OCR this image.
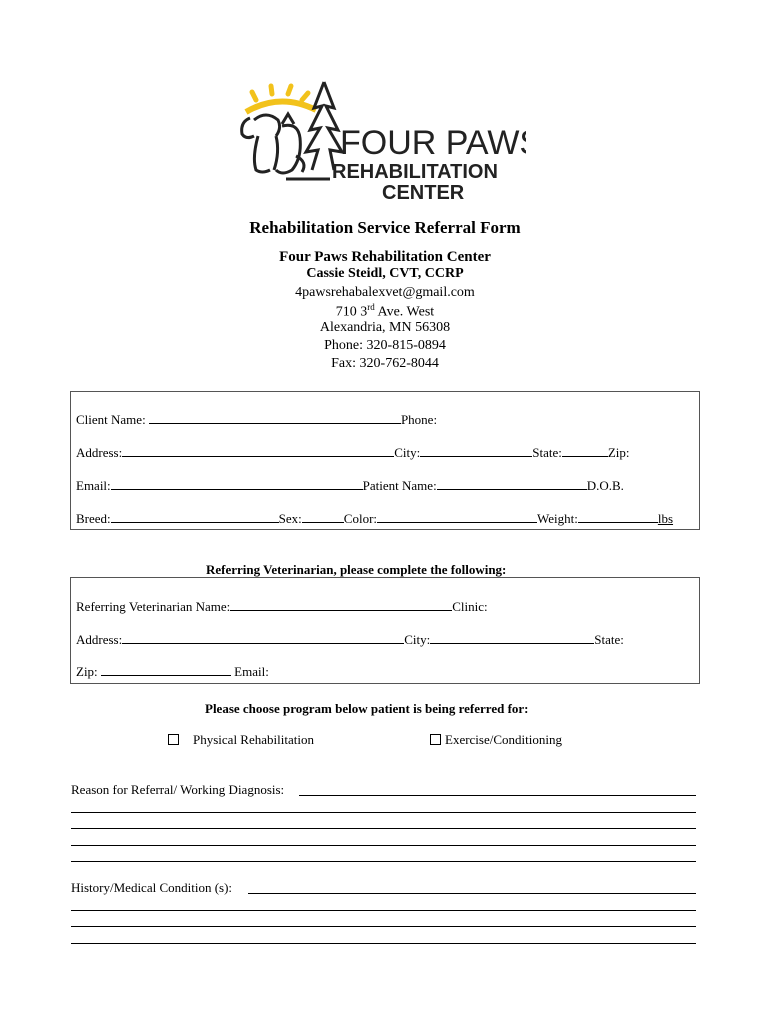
FOUR PAWS
REHABILITATION
CENTER
Rehabilitation Service Referral Form
Four Paws Rehabilitation Center
Cassie Steidl, CVT, CCRP
4pawsrehabalexvet@gmail.com
710 3rd Ave. West
Alexandria, MN 56308
Phone: 320-815-0894
Fax: 320-762-8044
Client Name:	Phone:
Address:	City:	State:	Zip:
Email:	Patient Name:	D.O.B.
Breed:	Sex:	Color:	Weight:	lbs
Referring Veterinarian, please complete the following:
Referring Veterinarian Name:	Clinic:
Address:	City:	State:
Zip:	Email:
Please choose program below patient is being referred for:
Physical Rehabilitation	Exercise/Conditioning
Reason for Referral/ Working Diagnosis:
History/Medical Condition (s):
